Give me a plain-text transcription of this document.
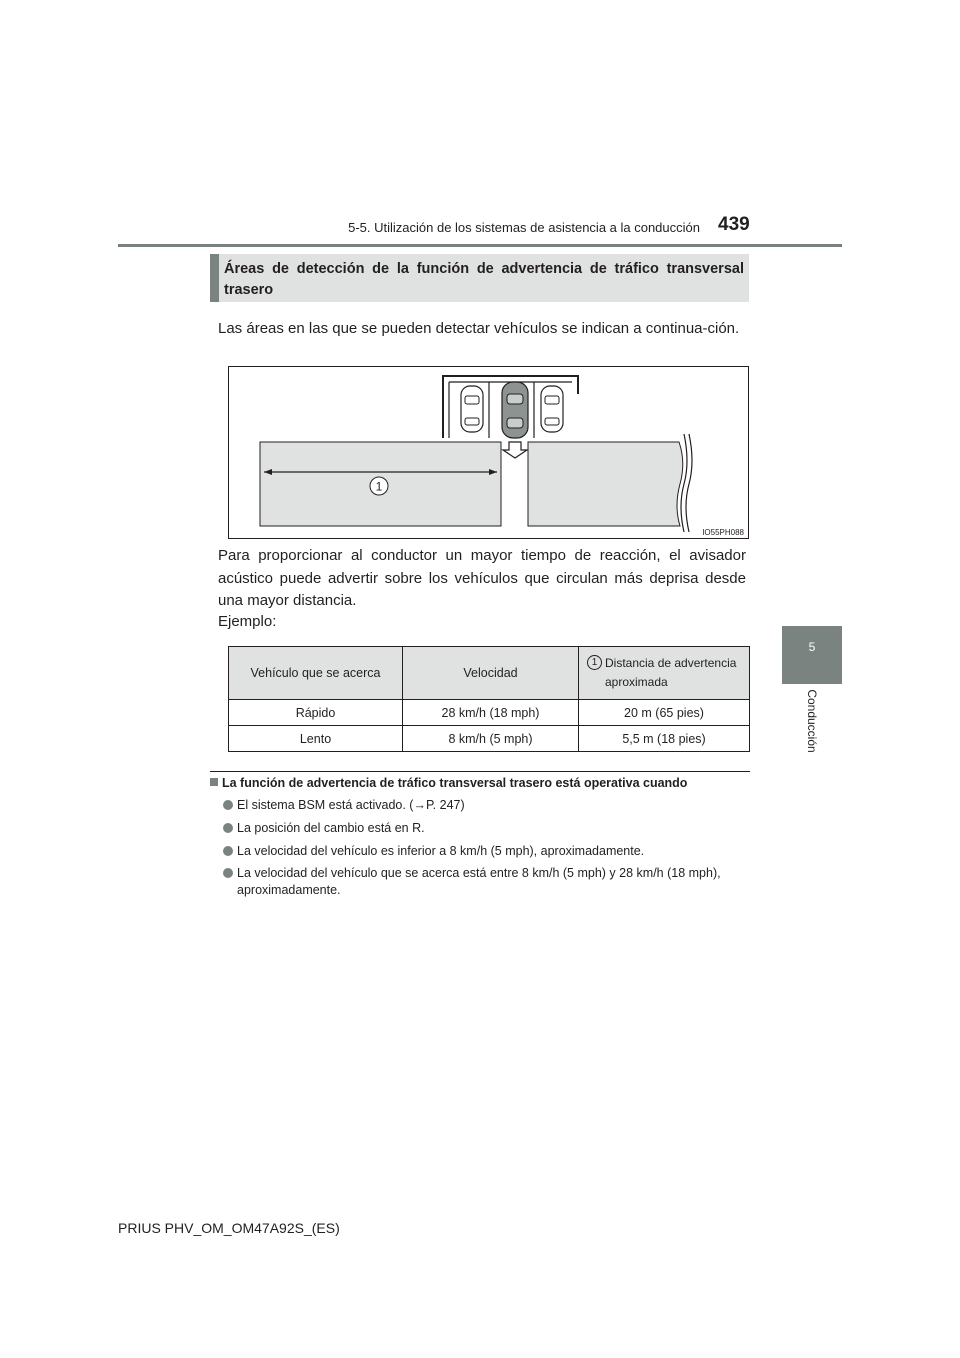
5-5. Utilización de los sistemas de asistencia a la conducción 439
5
Conducción
Áreas de detección de la función de advertencia de tráfico transversal trasero
Las áreas en las que se pueden detectar vehículos se indican a continua-ción.
1
IO55PH088
Para proporcionar al conductor un mayor tiempo de reacción, el avisador acústico puede advertir sobre los vehículos que circulan más deprisa desde una mayor distancia.
Ejemplo:
Vehículo que se acerca	Velocidad	1 Distancia de advertencia aproximada

Rápido	28 km/h (18 mph)	20 m (65 pies)
Lento	8 km/h (5 mph)	5,5 m (18 pies)
La función de advertencia de tráfico transversal trasero está operativa cuando
El sistema BSM está activado. (→P. 247)
La posición del cambio está en R.
La velocidad del vehículo es inferior a 8 km/h (5 mph), aproximadamente.
La velocidad del vehículo que se acerca está entre 8 km/h (5 mph) y 28 km/h (18 mph), aproximadamente.
PRIUS PHV_OM_OM47A92S_(ES)
